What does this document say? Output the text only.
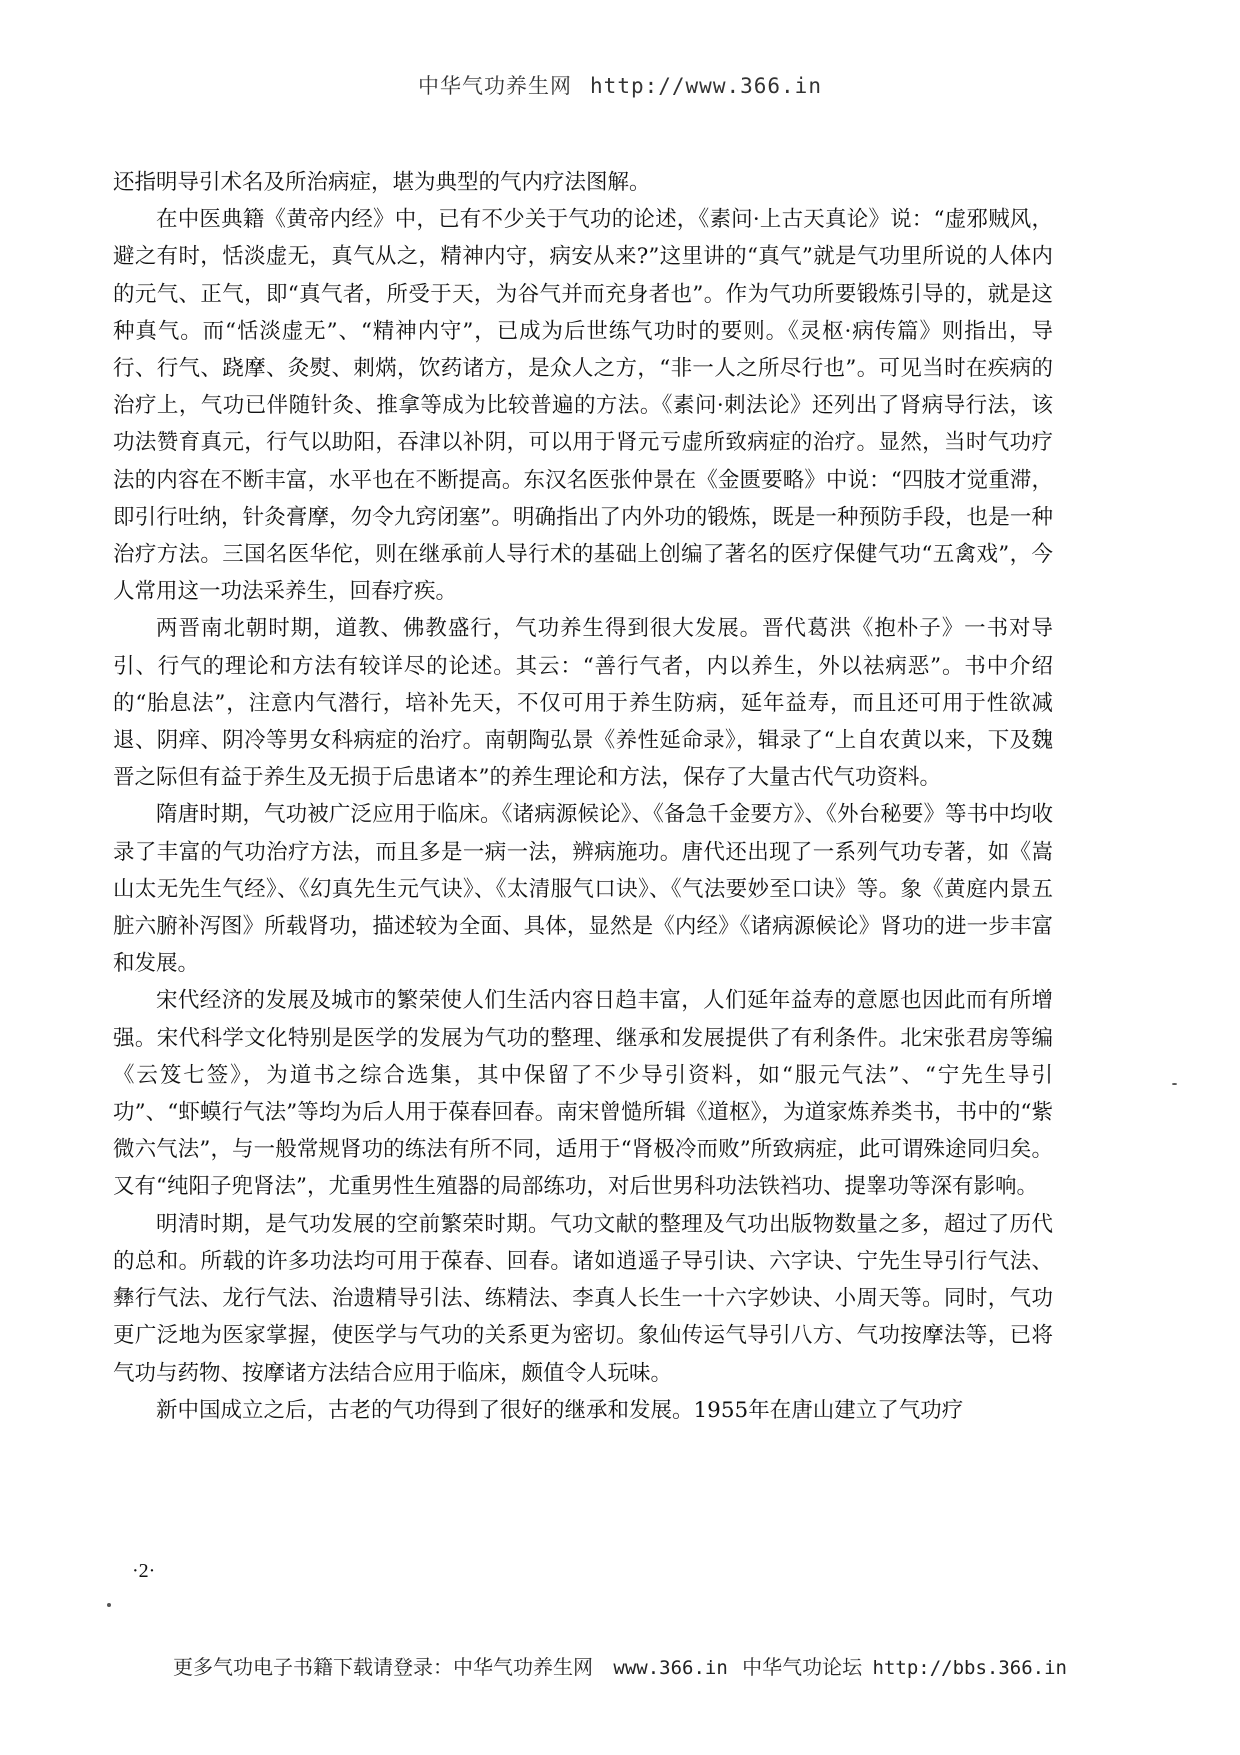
中华气功养生网 http://www.366.in

还指明导引术名及所治病症，堪为典型的气内疗法图解。

在中医典籍《黄帝内经》中，已有不少关于气功的论述，《素问·上古天真论》说：“虚邪贼风，避之有时，恬淡虚无，真气从之，精神内守，病安从来?”这里讲的“真气”就是气功里所说的人体内的元气、正气，即“真气者，所受于天，为谷气并而充身者也”。作为气功所要锻炼引导的，就是这种真气。而“恬淡虚无”、“精神内守”，已成为后世练气功时的要则。《灵枢·病传篇》则指出，导行、行气、跷摩、灸熨、刺焫，饮药诸方，是众人之方，“非一人之所尽行也”。可见当时在疾病的治疗上，气功已伴随针灸、推拿等成为比较普遍的方法。《素问·刺法论》还列出了肾病导行法，该功法赞育真元，行气以助阳，吞津以补阴，可以用于肾元亏虚所致病症的治疗。显然，当时气功疗法的内容在不断丰富，水平也在不断提高。东汉名医张仲景在《金匮要略》中说：“四肢才觉重滞，即引行吐纳，针灸膏摩，勿令九窍闭塞”。明确指出了内外功的锻炼，既是一种预防手段，也是一种治疗方法。三国名医华佗，则在继承前人导行术的基础上创编了著名的医疗保健气功“五禽戏”，今人常用这一功法采养生，回春疗疾。

两晋南北朝时期，道教、佛教盛行，气功养生得到很大发展。晋代葛洪《抱朴子》一书对导引、行气的理论和方法有较详尽的论述。其云：“善行气者，内以养生，外以祛病恶”。书中介绍的“胎息法”，注意内气潜行，培补先天，不仅可用于养生防病，延年益寿，而且还可用于性欲减退、阴痒、阴冷等男女科病症的治疗。南朝陶弘景《养性延命录》，辑录了“上自农黄以来，下及魏晋之际但有益于养生及无损于后患诸本”的养生理论和方法，保存了大量古代气功资料。

隋唐时期，气功被广泛应用于临床。《诸病源候论》、《备急千金要方》、《外台秘要》等书中均收录了丰富的气功治疗方法，而且多是一病一法，辨病施功。唐代还出现了一系列气功专著，如《嵩山太无先生气经》、《幻真先生元气诀》、《太清服气口诀》、《气法要妙至口诀》等。象《黄庭内景五脏六腑补泻图》所载肾功，描述较为全面、具体，显然是《内经》《诸病源候论》肾功的进一步丰富和发展。

宋代经济的发展及城市的繁荣使人们生活内容日趋丰富，人们延年益寿的意愿也因此而有所增强。宋代科学文化特别是医学的发展为气功的整理、继承和发展提供了有利条件。北宋张君房等编《云笈七签》，为道书之综合选集，其中保留了不少导引资料，如“服元气法”、“宁先生导引功”、“虾蟆行气法”等均为后人用于葆春回春。南宋曾慥所辑《道枢》，为道家炼养类书，书中的“紫微六气法”，与一般常规肾功的练法有所不同，适用于“肾极冷而败”所致病症，此可谓殊途同归矣。又有“纯阳子兜肾法”，尤重男性生殖器的局部练功，对后世男科功法铁裆功、提睾功等深有影响。

明清时期，是气功发展的空前繁荣时期。气功文献的整理及气功出版物数量之多，超过了历代的总和。所载的许多功法均可用于葆春、回春。诸如逍遥子导引诀、六字诀、宁先生导引行气法、彝行气法、龙行气法、治遗精导引法、练精法、李真人长生一十六字妙诀、小周天等。同时，气功更广泛地为医家掌握，使医学与气功的关系更为密切。象仙传运气导引八方、气功按摩法等，已将气功与药物、按摩诸方法结合应用于临床，颇值令人玩味。

新中国成立之后，古老的气功得到了很好的继承和发展。1955年在唐山建立了气功疗

·2·
更多气功电子书籍下载请登录：中华气功养生网 www.366.in 中华气功论坛 http://bbs.366.in
